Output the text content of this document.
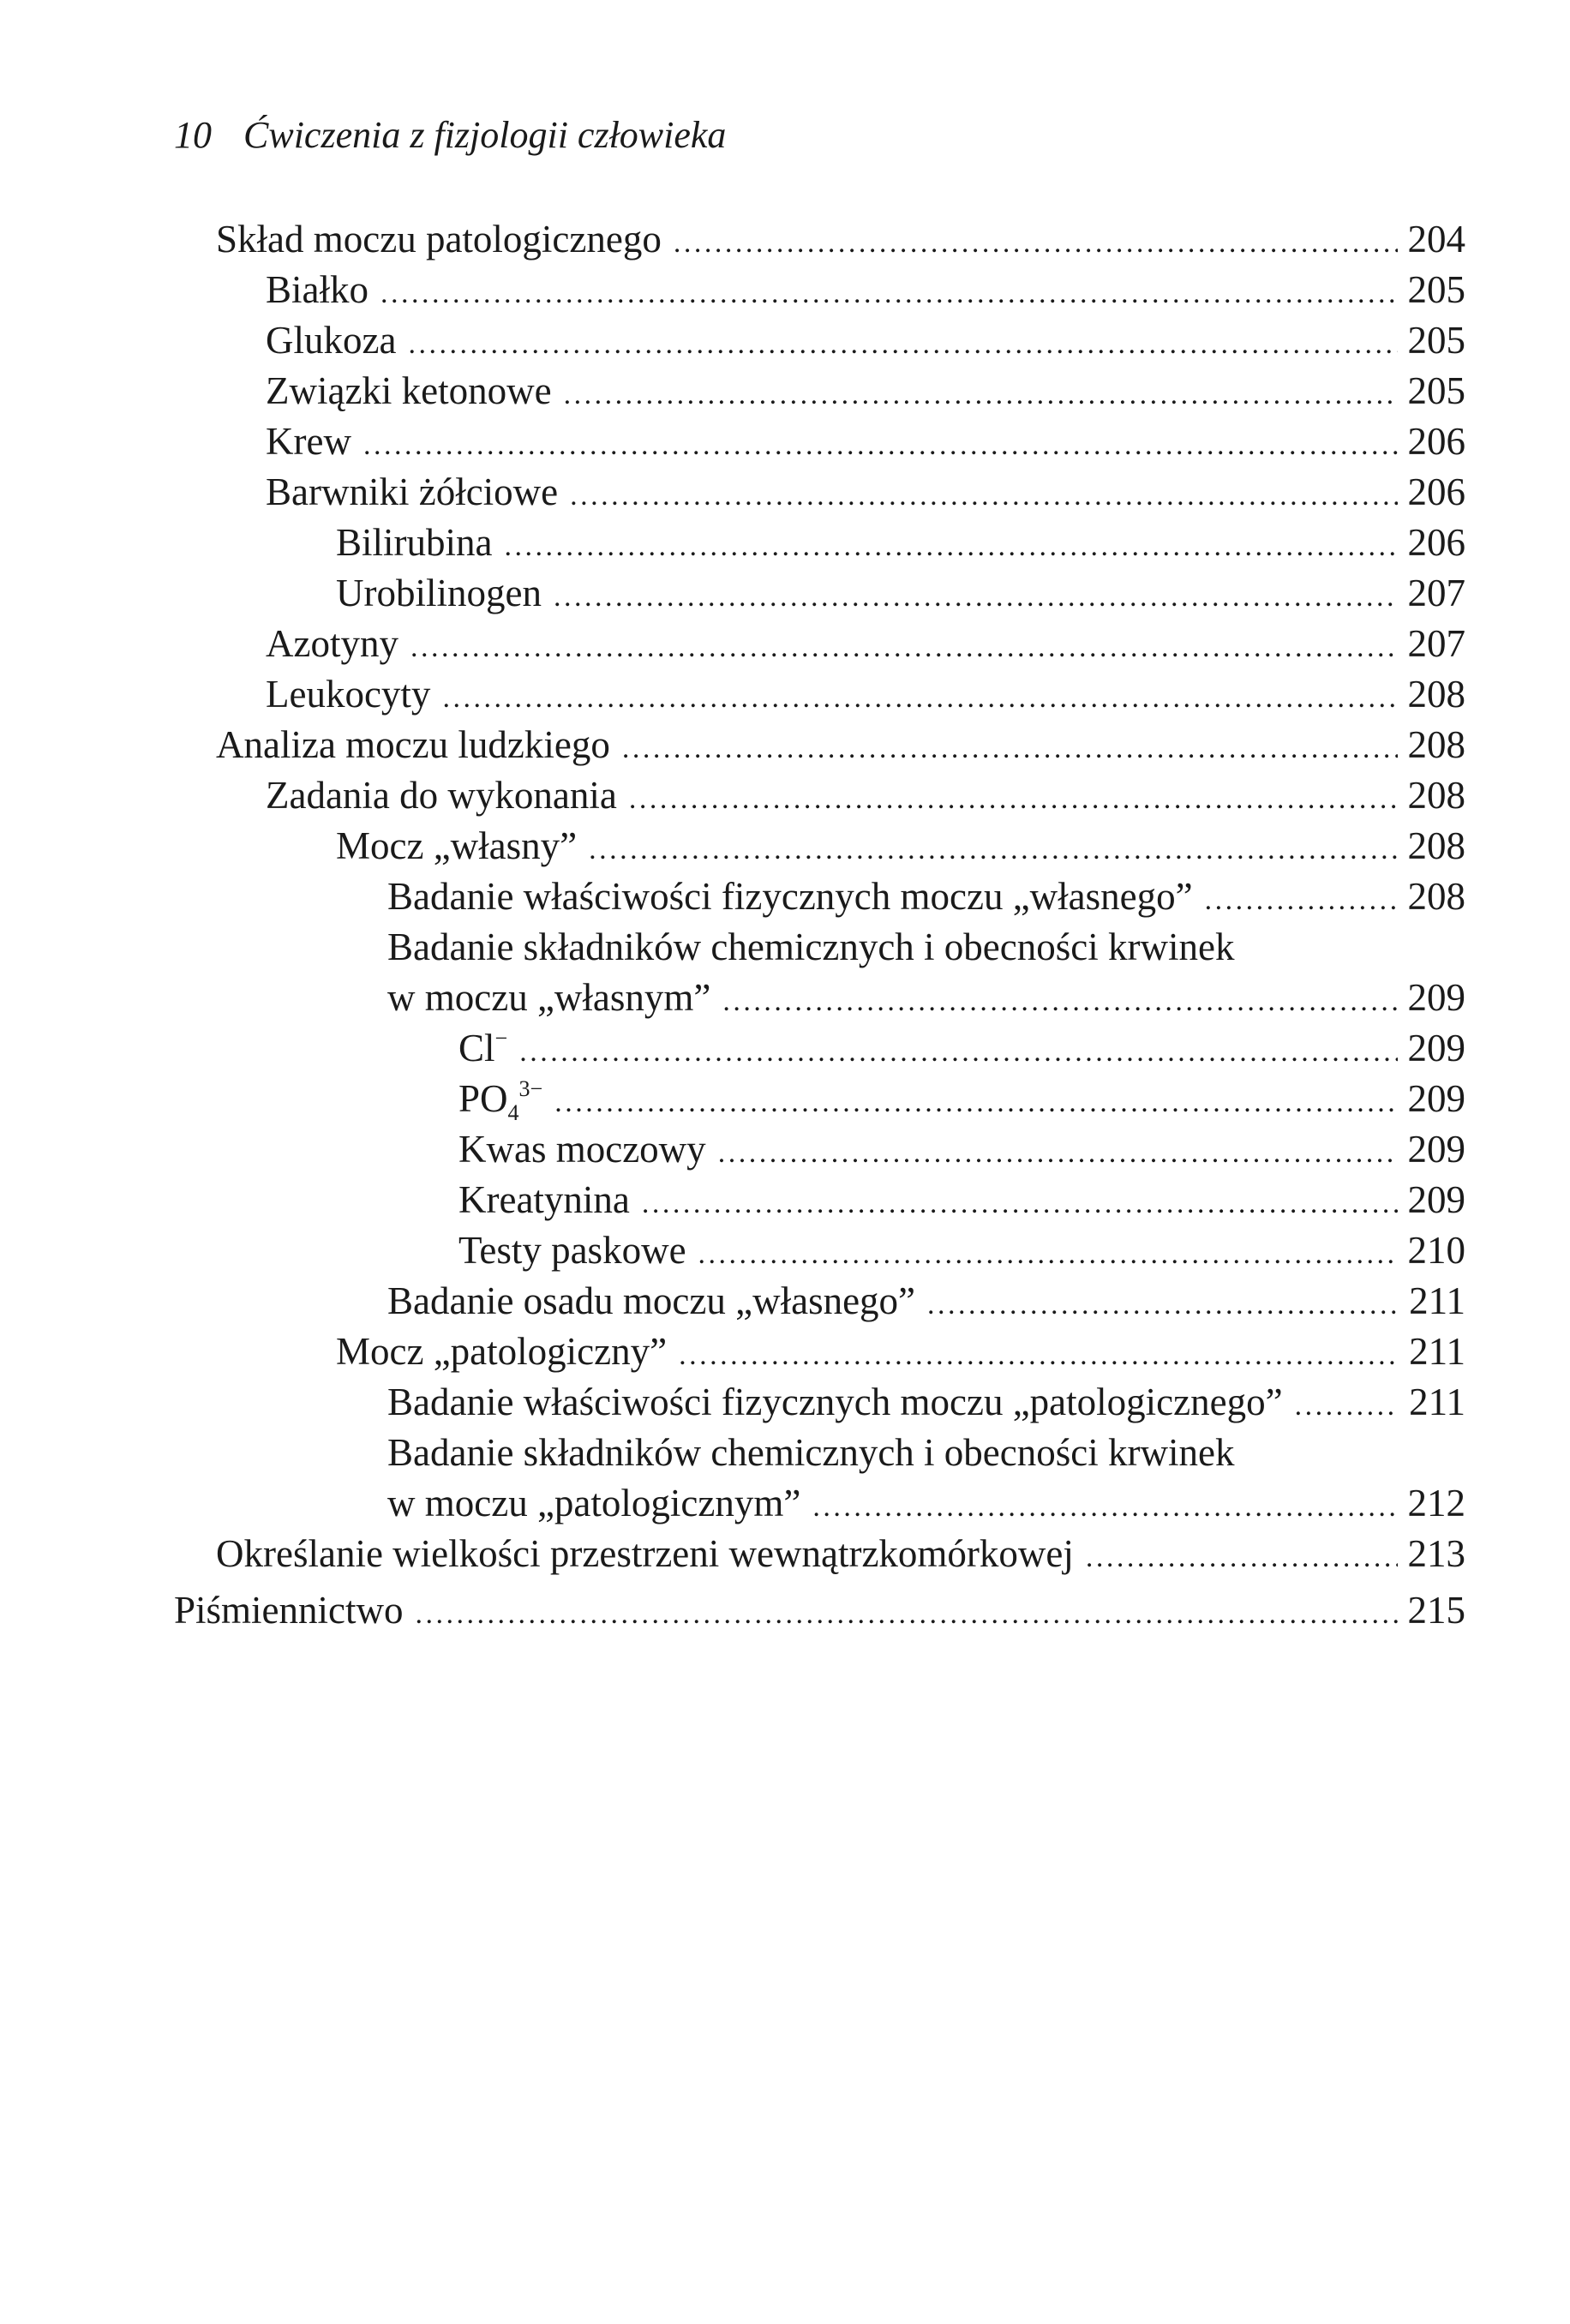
10 Ćwiczenia z fizjologii człowieka
Skład moczu patologicznego .....	204
Białko .....	205
Glukoza .....	205
Związki ketonowe .....	205
Krew .....	206
Barwniki żółciowe .....	206
Bilirubina .....	206
Urobilinogen .....	207
Azotyny .....	207
Leukocyty .....	208
Analiza moczu ludzkiego .....	208
Zadania do wykonania .....	208
Mocz „własny” .....	208
Badanie właściwości fizycznych moczu „własnego” .....	208
Badanie składników chemicznych i obecności krwinek
w moczu „własnym” .....	209
Cl− .....	209
$PO_4^{3-}$ .....	209
Kwas moczowy .....	209
Kreatynina .....	209
Testy paskowe .....	210
Badanie osadu moczu „własnego” .....	211
Mocz „patologiczny” .....	211
Badanie właściwości fizycznych moczu „patologicznego” .....	211
Badanie składników chemicznych i obecności krwinek
w moczu „patologicznym” .....	212
Określanie wielkości przestrzeni wewnątrzkomórkowej .....	213
Piśmiennictwo .....	215
